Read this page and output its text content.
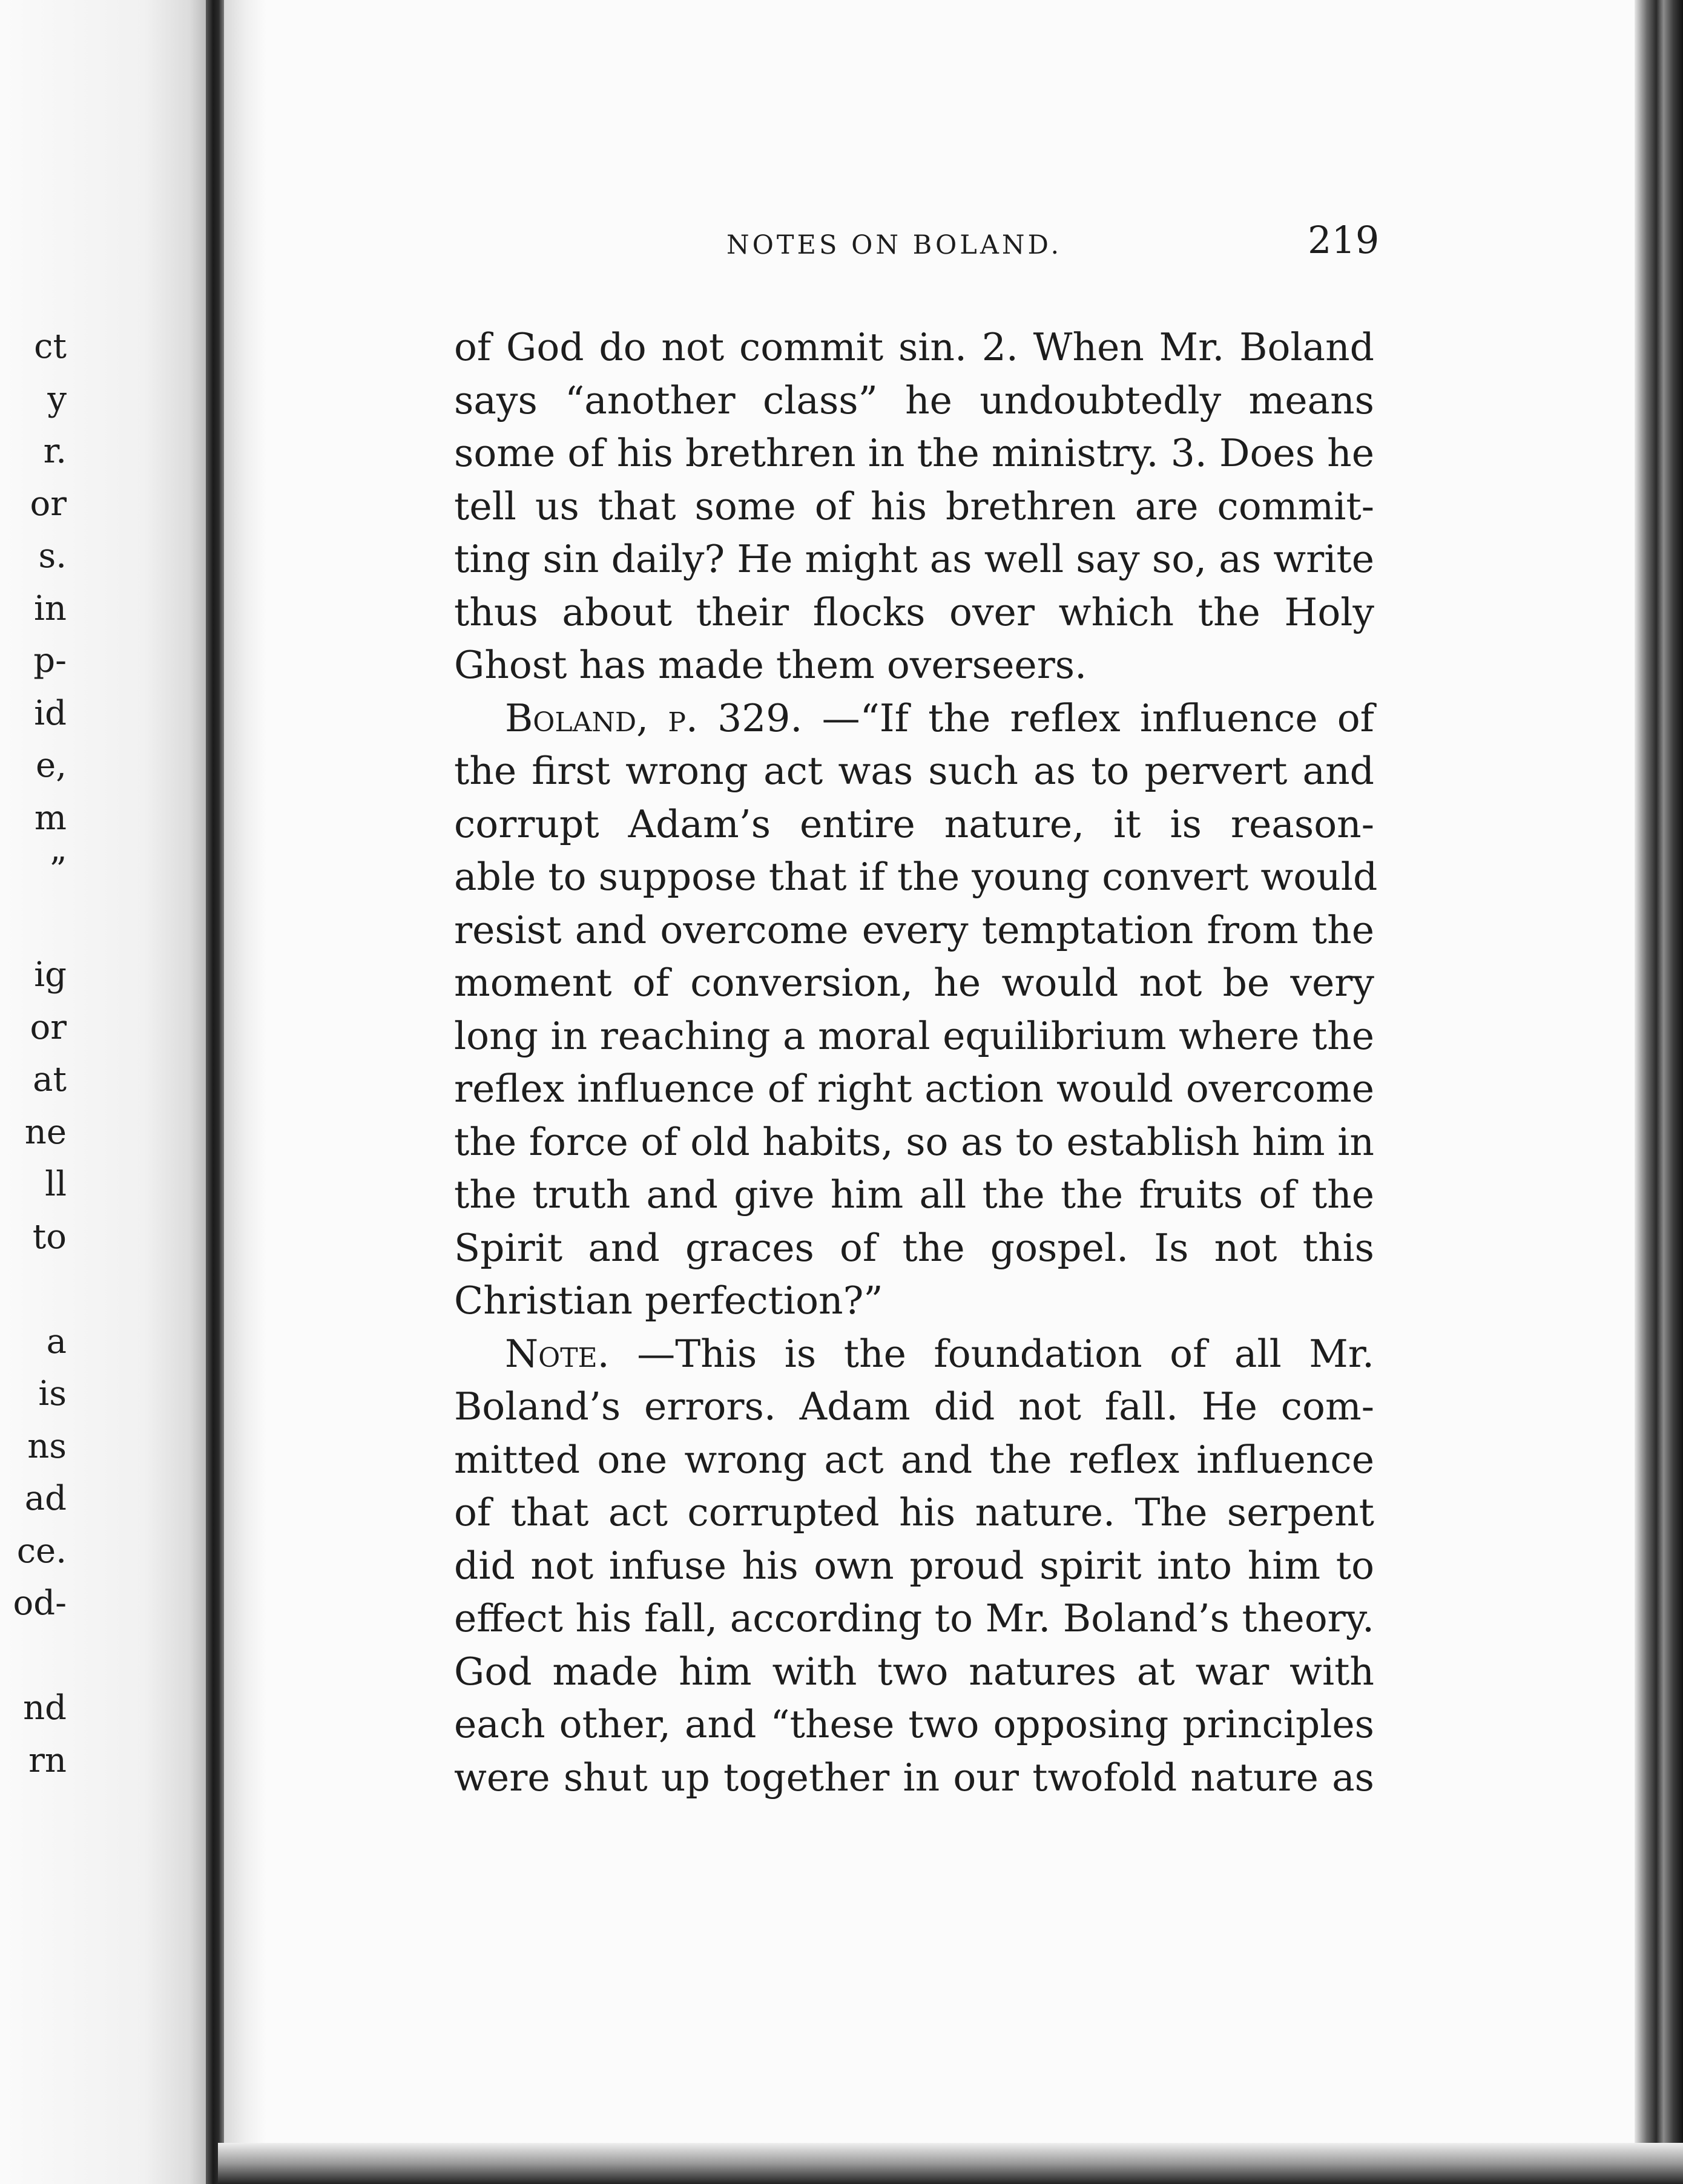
ct
y
r.
or
s.
in
p-
id
e,
m
”
ig
or
at
ne
ll
to
a
is
ns
ad
ce.
od-
nd
rn
NOTES ON BOLAND.	219
of God do not commit sin. 2. When Mr. Boland
says “another class” he undoubtedly means
some of his brethren in the ministry. 3. Does he
tell us that some of his brethren are commit-
ting sin daily? He might as well say so, as write
thus about their flocks over which the Holy
Ghost has made them overseers.
Boland, p. 329. —“If the reflex influence of
the first wrong act was such as to pervert and
corrupt Adam’s entire nature, it is reason-
able to suppose that if the young convert would
resist and overcome every temptation from the
moment of conversion, he would not be very
long in reaching a moral equilibrium where the
reflex influence of right action would overcome
the force of old habits, so as to establish him in
the truth and give him all the the fruits of the
Spirit and graces of the gospel. Is not this
Christian perfection?”
Note. —This is the foundation of all Mr.
Boland’s errors. Adam did not fall. He com-
mitted one wrong act and the reflex influence
of that act corrupted his nature. The serpent
did not infuse his own proud spirit into him to
effect his fall, according to Mr. Boland’s theory.
God made him with two natures at war with
each other, and “these two opposing principles
were shut up together in our twofold nature as
